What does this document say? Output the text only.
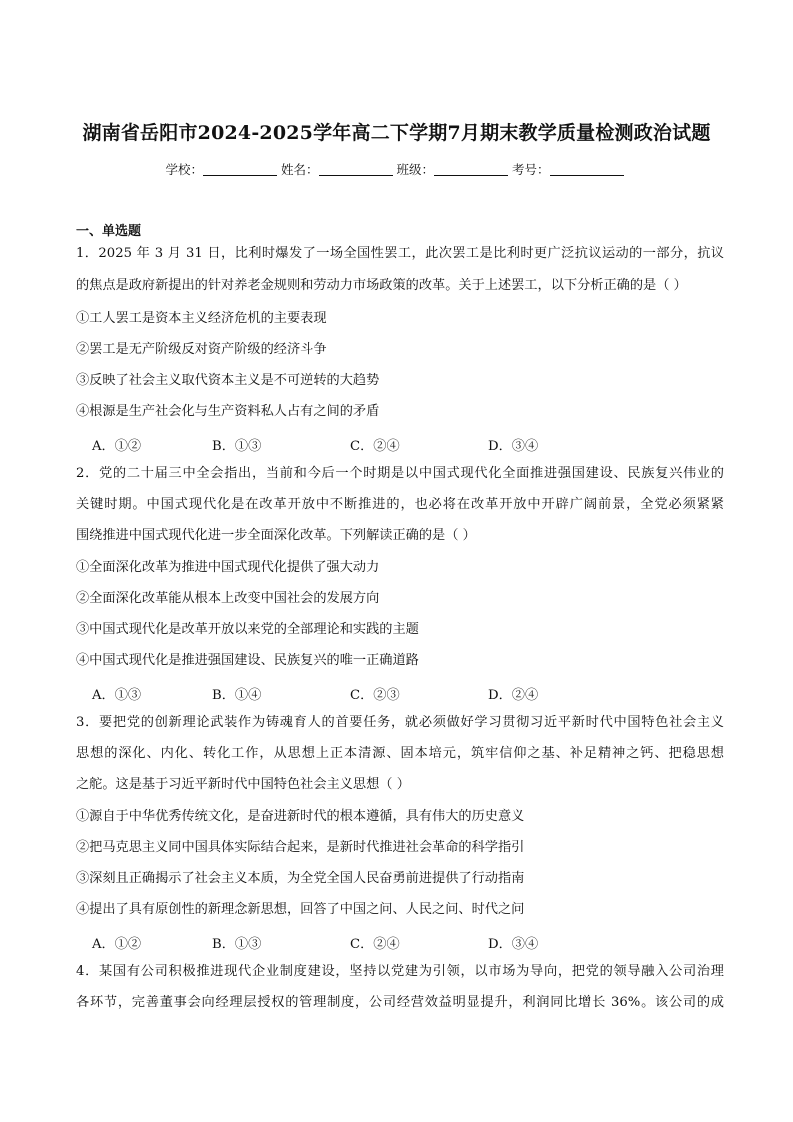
湖南省岳阳市2024-2025学年高二下学期7月期末教学质量检测政治试题
学校：	姓名：	班级：	考号：
一、单选题
1．2025 年 3 月 31 日，比利时爆发了一场全国性罢工，此次罢工是比利时更广泛抗议运动的一部分，抗议
的焦点是政府新提出的针对养老金规则和劳动力市场政策的改革。关于上述罢工，以下分析正确的是（ ）
①工人罢工是资本主义经济危机的主要表现
②罢工是无产阶级反对资产阶级的经济斗争
③反映了社会主义取代资本主义是不可逆转的大趋势
④根源是生产社会化与生产资料私人占有之间的矛盾
A．①②	B．①③	C．②④	D．③④
2．党的二十届三中全会指出，当前和今后一个时期是以中国式现代化全面推进强国建设、民族复兴伟业的
关键时期。中国式现代化是在改革开放中不断推进的，也必将在改革开放中开辟广阔前景，全党必须紧紧
围绕推进中国式现代化进一步全面深化改革。下列解读正确的是（ ）
①全面深化改革为推进中国式现代化提供了强大动力
②全面深化改革能从根本上改变中国社会的发展方向
③中国式现代化是改革开放以来党的全部理论和实践的主题
④中国式现代化是推进强国建设、民族复兴的唯一正确道路
A．①③	B．①④	C．②③	D．②④
3．要把党的创新理论武装作为铸魂育人的首要任务，就必须做好学习贯彻习近平新时代中国特色社会主义
思想的深化、内化、转化工作，从思想上正本清源、固本培元，筑牢信仰之基、补足精神之钙、把稳思想
之舵。这是基于习近平新时代中国特色社会主义思想（ ）
①源自于中华优秀传统文化，是奋进新时代的根本遵循，具有伟大的历史意义
②把马克思主义同中国具体实际结合起来，是新时代推进社会革命的科学指引
③深刻且正确揭示了社会主义本质，为全党全国人民奋勇前进提供了行动指南
④提出了具有原创性的新理念新思想，回答了中国之问、人民之问、时代之问
A．①②	B．①③	C．②④	D．③④
4．某国有公司积极推进现代企业制度建设，坚持以党建为引领，以市场为导向，把党的领导融入公司治理
各环节，完善董事会向经理层授权的管理制度，公司经营效益明显提升，利润同比增长 36%。该公司的成
